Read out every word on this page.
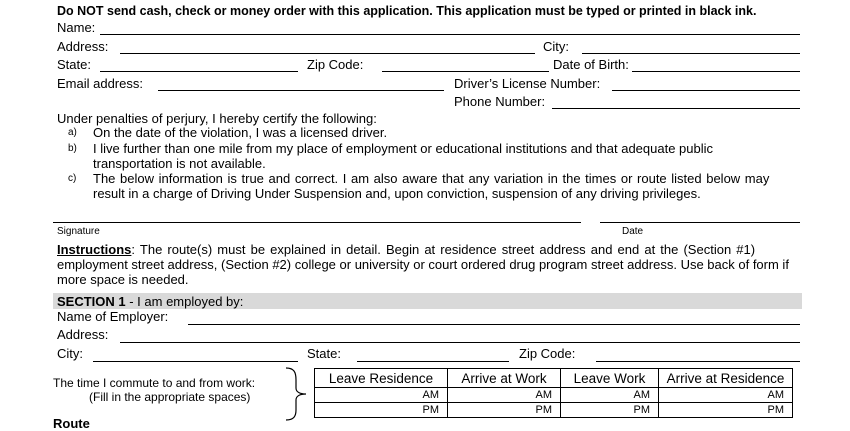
Do NOT send cash, check or money order with this application. This application must be typed or printed in black ink.
Name:
Address:	City:
State:	Zip Code:	Date of Birth:
Email address:	Driver’s License Number:
Phone Number:
Under penalties of perjury, I hereby certify the following:
a) On the date of the violation, I was a licensed driver.
b) I live further than one mile from my place of employment or educational institutions and that adequate public
transportation is not available.
c) The below information is true and correct. I am also aware that any variation in the times or route listed below may
result in a charge of Driving Under Suspension and, upon conviction, suspension of any driving privileges.
Signature	Date
Instructions: The route(s) must be explained in detail. Begin at residence street address and end at the (Section #1)
employment street address, (Section #2) college or university or court ordered drug program street address. Use back of form if
more space is needed.
SECTION 1 - I am employed by:
Name of Employer:
Address:
City:	State:	Zip Code:
The time I commute to and from work:
(Fill in the appropriate spaces)
Leave Residence	Arrive at Work	Leave Work	Arrive at Residence
AM	AM	AM	AM
PM	PM	PM	PM
Route
